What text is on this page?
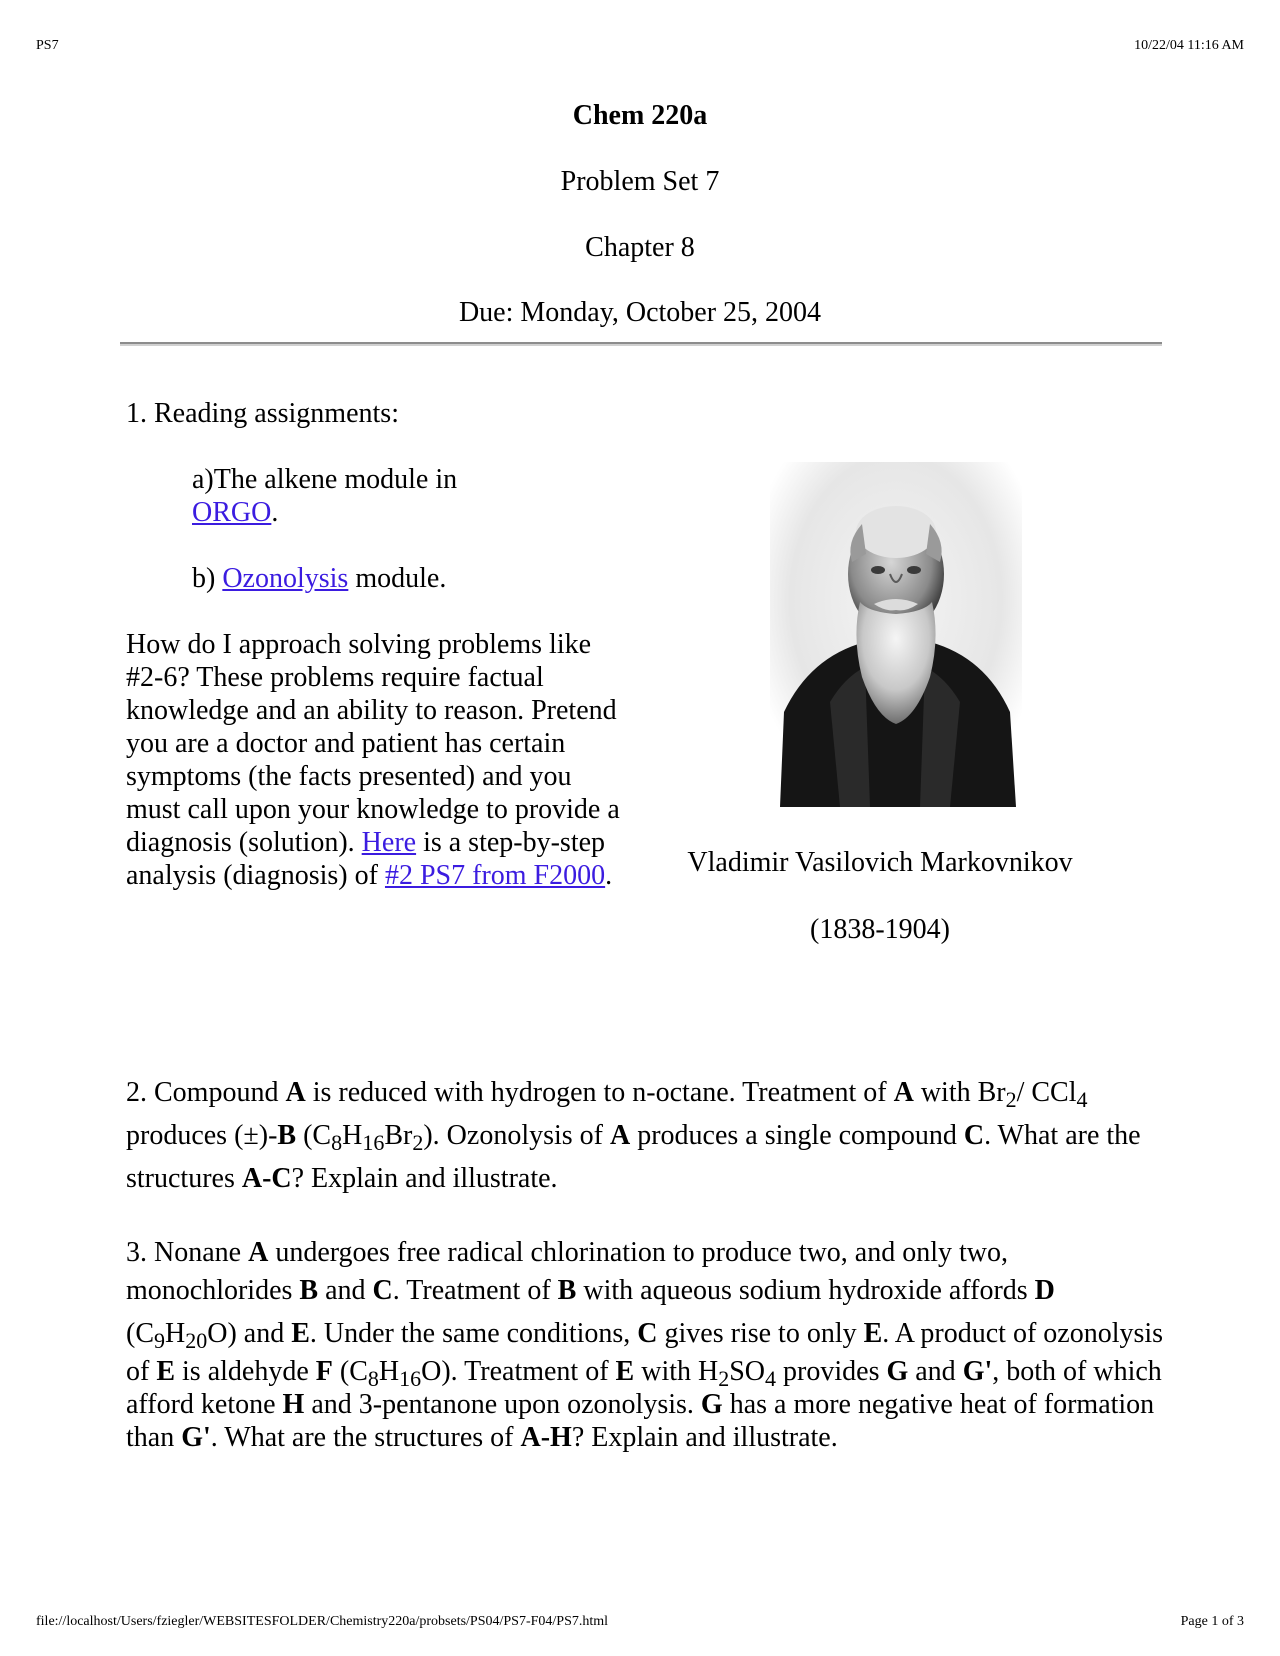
PS7	10/22/04 11:16 AM
Chem 220a
Problem Set 7
Chapter 8
Due: Monday, October 25, 2004
1. Reading assignments:
a)The alkene module in ORGO.
b) Ozonolysis module.
How do I approach solving problems like #2-6? These problems require factual knowledge and an ability to reason. Pretend you are a doctor and patient has certain symptoms (the facts presented) and you must call upon your knowledge to provide a diagnosis (solution). Here is a step-by-step analysis (diagnosis) of #2 PS7 from F2000.	Vladimir Vasilovich Markovnikov
(1838-1904)
2. Compound A is reduced with hydrogen to n-octane. Treatment of A with $Br_2/$ CCl$_4$ produces (±)-B $(C_8H_{16}Br_2)$. Ozonolysis of A produces a single compound C. What are the structures A-C? Explain and illustrate.
3. Nonane A undergoes free radical chlorination to produce two, and only two, monochlorides B and C. Treatment of B with aqueous sodium hydroxide affords D $(C_9H_{20}O)$ and E. Under the same conditions, C gives rise to only E. A product of ozonolysis of E is aldehyde F $(C_8H_{16}O)$. Treatment of E with $H_2SO_4$ provides G and G', both of which afford ketone H and 3-pentanone upon ozonolysis. G has a more negative heat of formation than G'. What are the structures of A-H? Explain and illustrate.
file://localhost/Users/fziegler/WEBSITESFOLDER/Chemistry220a/probsets/PS04/PS7-F04/PS7.html	Page 1 of 3
